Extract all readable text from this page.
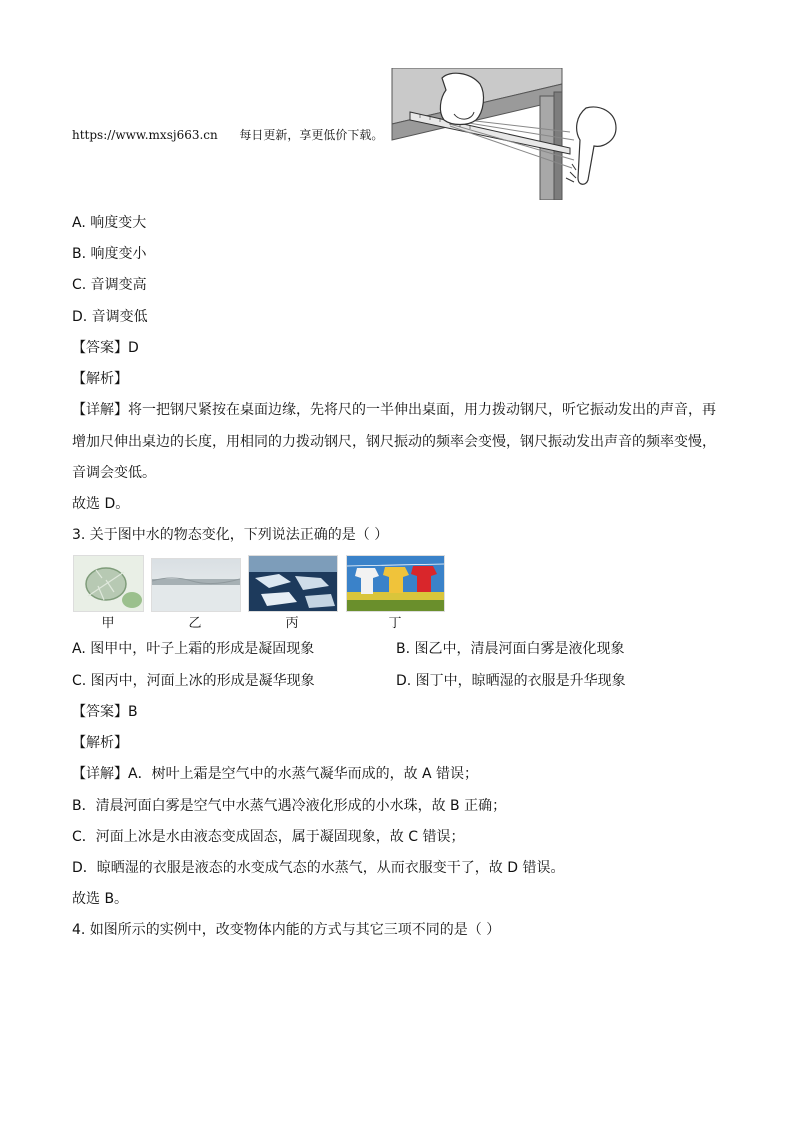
https://www.mxsj663.cn 每日更新，享更低价下载。
A. 响度变大
B. 响度变小
C. 音调变高
D. 音调变低
【答案】D
【解析】
【详解】将一把钢尺紧按在桌面边缘，先将尺的一半伸出桌面，用力拨动钢尺，听它振动发出的声音，再
增加尺伸出桌边的长度，用相同的力拨动钢尺，钢尺振动的频率会变慢，钢尺振动发出声音的频率变慢，
音调会变低。
故选 D。
3. 关于图中水的物态变化，下列说法正确的是（ ）
甲	乙	丙	丁
A. 图甲中，叶子上霜的形成是凝固现象	B. 图乙中，清晨河面白雾是液化现象
C. 图丙中，河面上冰的形成是凝华现象	D. 图丁中，晾晒湿的衣服是升华现象
【答案】B
【解析】
【详解】A．树叶上霜是空气中的水蒸气凝华而成的，故 A 错误；
B．清晨河面白雾是空气中水蒸气遇冷液化形成的小水珠，故 B 正确；
C．河面上冰是水由液态变成固态，属于凝固现象，故 C 错误；
D．晾晒湿的衣服是液态的水变成气态的水蒸气，从而衣服变干了，故 D 错误。
故选 B。
4. 如图所示的实例中，改变物体内能的方式与其它三项不同的是（ ）
